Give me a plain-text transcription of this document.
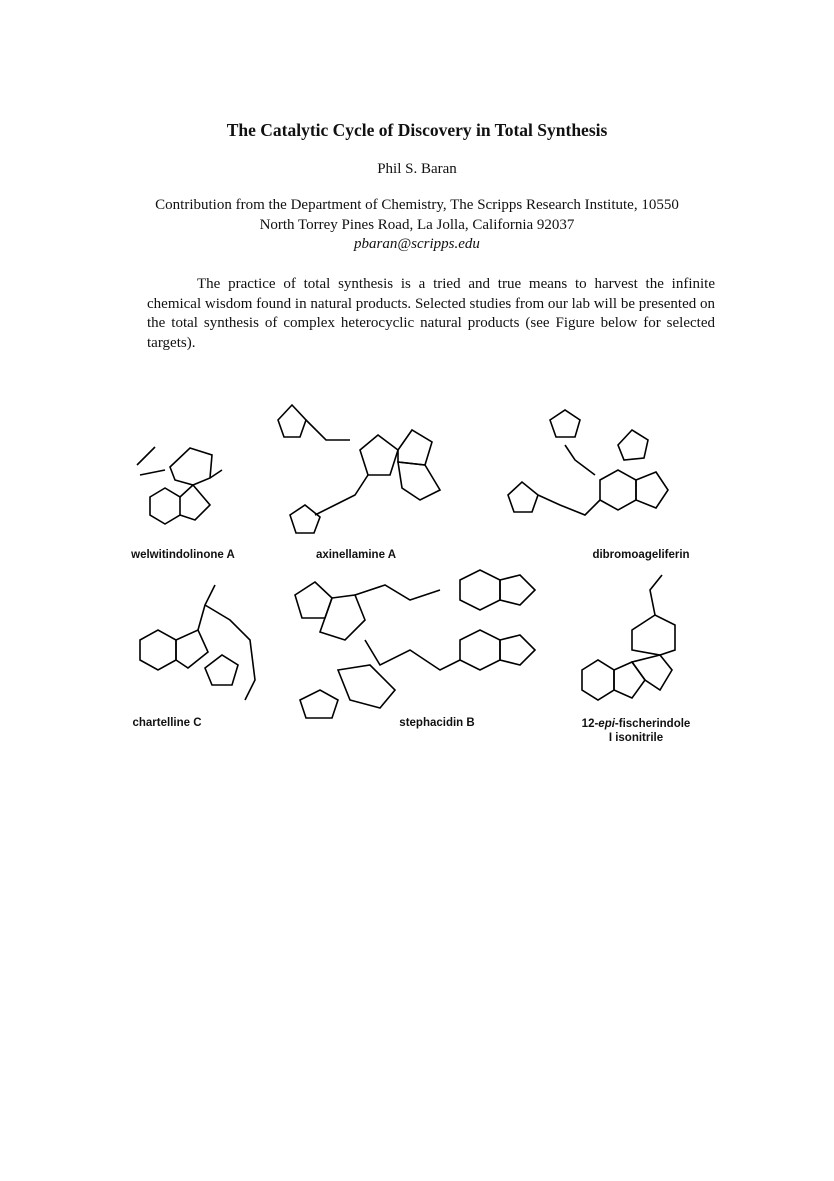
The Catalytic Cycle of Discovery in Total Synthesis
Phil S. Baran
Contribution from the Department of Chemistry, The Scripps Research Institute, 10550
North Torrey Pines Road, La Jolla, California 92037
pbaran@scripps.edu

The practice of total synthesis is a tried and true means to harvest the infinite chemical wisdom found in natural products. Selected studies from our lab will be presented on the total synthesis of complex heterocyclic natural products (see Figure below for selected targets).

welwitindolinone A	axinellamine A	dibromoageliferin
chartelline C	stephacidin B	12-epi-fischerindole
I isonitrile
